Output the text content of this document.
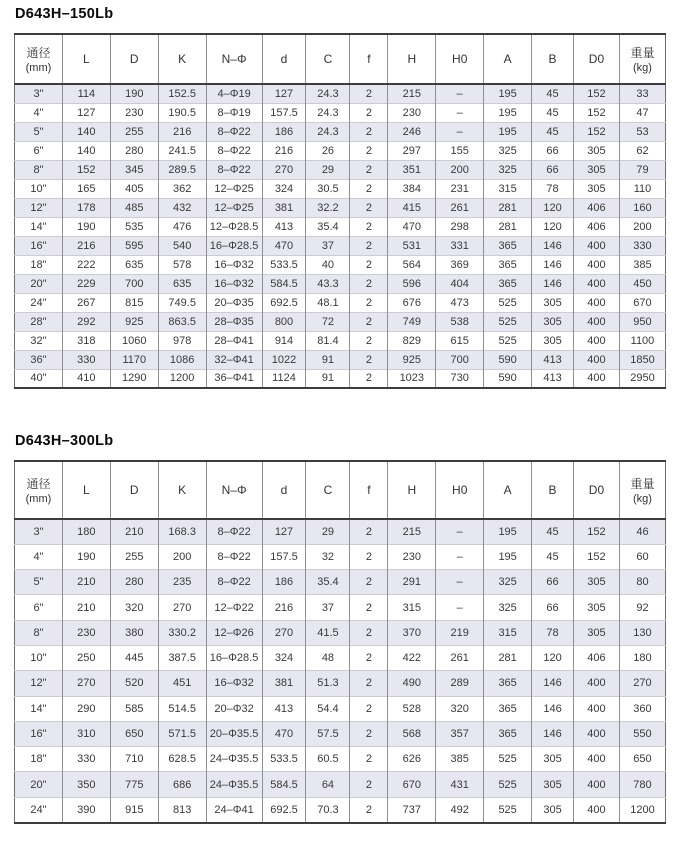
D643H–150Lb
通径
(mm)

L	D	K	N–Φ	d	C	f	H	H0	A	B	D0	重量
(kg)

3"	114	190	152.5	4–Φ19	127	24.3	2	215	–	195	45	152	33
4"	127	230	190.5	8–Φ19	157.5	24.3	2	230	–	195	45	152	47
5"	140	255	216	8–Φ22	186	24.3	2	246	–	195	45	152	53
6"	140	280	241.5	8–Φ22	216	26	2	297	155	325	66	305	62
8"	152	345	289.5	8–Φ22	270	29	2	351	200	325	66	305	79
10"	165	405	362	12–Φ25	324	30.5	2	384	231	315	78	305	110
12"	178	485	432	12–Φ25	381	32.2	2	415	261	281	120	406	160
14"	190	535	476	12–Φ28.5	413	35.4	2	470	298	281	120	406	200
16"	216	595	540	16–Φ28.5	470	37	2	531	331	365	146	400	330
18"	222	635	578	16–Φ32	533.5	40	2	564	369	365	146	400	385
20"	229	700	635	16–Φ32	584.5	43.3	2	596	404	365	146	400	450
24"	267	815	749.5	20–Φ35	692.5	48.1	2	676	473	525	305	400	670
28"	292	925	863.5	28–Φ35	800	72	2	749	538	525	305	400	950
32"	318	1060	978	28–Φ41	914	81.4	2	829	615	525	305	400	1100
36"	330	1170	1086	32–Φ41	1022	91	2	925	700	590	413	400	1850
40"	410	1290	1200	36–Φ41	1124	91	2	1023	730	590	413	400	2950
D643H–300Lb
通径
(mm)

L	D	K	N–Φ	d	C	f	H	H0	A	B	D0	重量
(kg)

3"	180	210	168.3	8–Φ22	127	29	2	215	–	195	45	152	46
4"	190	255	200	8–Φ22	157.5	32	2	230	–	195	45	152	60
5"	210	280	235	8–Φ22	186	35.4	2	291	–	325	66	305	80
6"	210	320	270	12–Φ22	216	37	2	315	–	325	66	305	92
8"	230	380	330.2	12–Φ26	270	41.5	2	370	219	315	78	305	130
10"	250	445	387.5	16–Φ28.5	324	48	2	422	261	281	120	406	180
12"	270	520	451	16–Φ32	381	51.3	2	490	289	365	146	400	270
14"	290	585	514.5	20–Φ32	413	54.4	2	528	320	365	146	400	360
16"	310	650	571.5	20–Φ35.5	470	57.5	2	568	357	365	146	400	550
18"	330	710	628.5	24–Φ35.5	533.5	60.5	2	626	385	525	305	400	650
20"	350	775	686	24–Φ35.5	584.5	64	2	670	431	525	305	400	780
24"	390	915	813	24–Φ41	692.5	70.3	2	737	492	525	305	400	1200
